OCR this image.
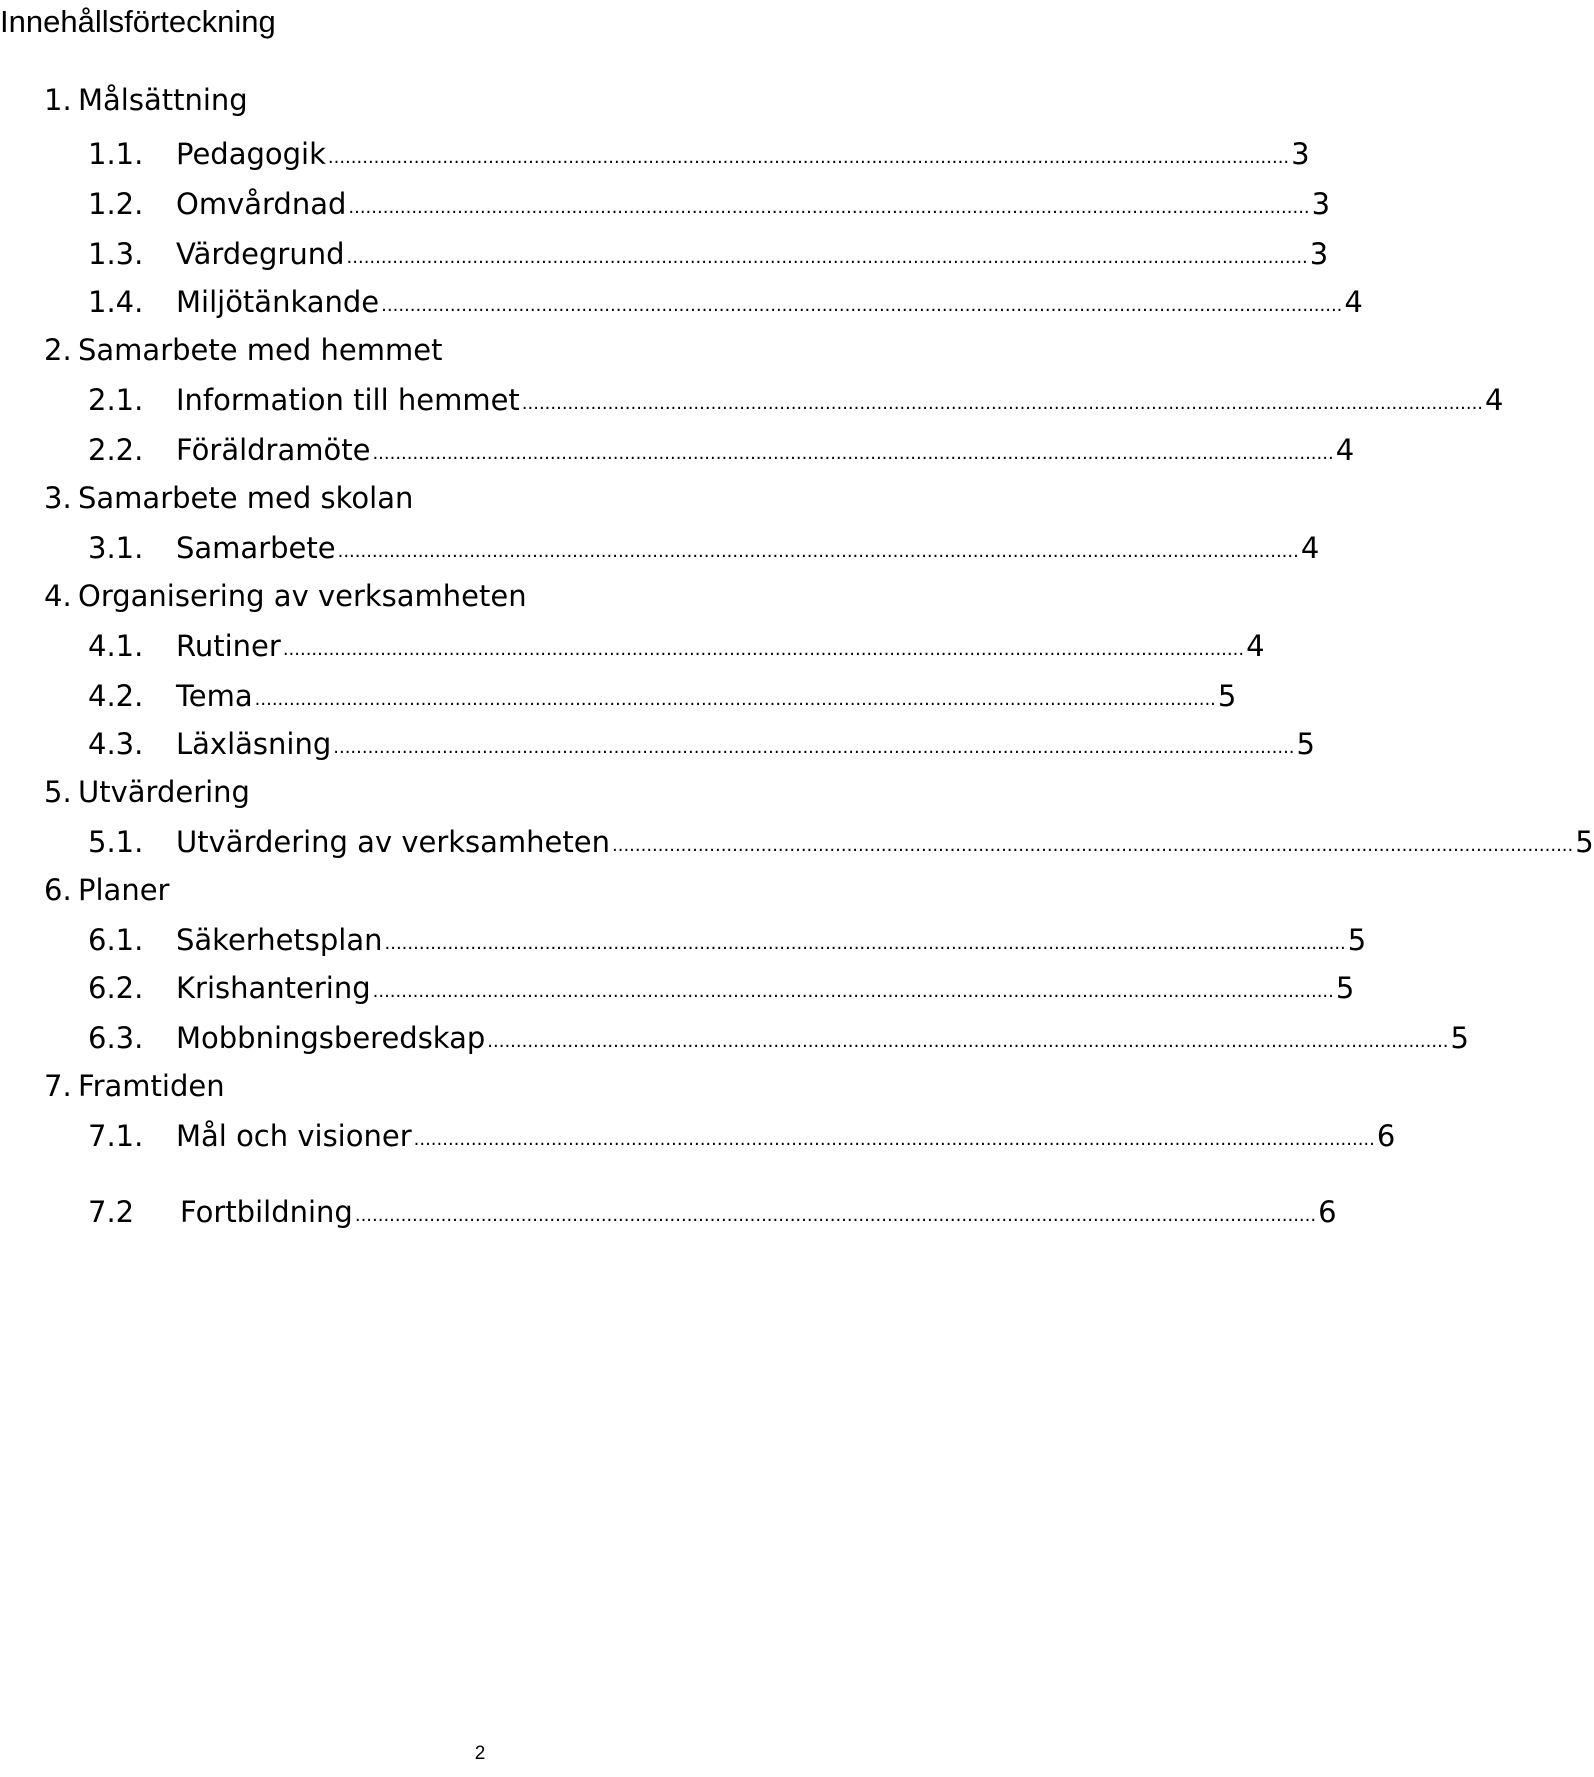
Innehållsförteckning
1. Målsättning
1.1. Pedagogik ........................................................................................................................................................................ 3
1.2. Omvårdnad ........................................................................................................................................................................ 3
1.3. Värdegrund ........................................................................................................................................................................ 3
1.4. Miljötänkande ........................................................................................................................................................................ 4
2. Samarbete med hemmet
2.1. Information till hemmet ........................................................................................................................................................................ 4
2.2. Föräldramöte ........................................................................................................................................................................ 4
3. Samarbete med skolan
3.1. Samarbete ........................................................................................................................................................................ 4
4. Organisering av verksamheten
4.1. Rutiner ........................................................................................................................................................................ 4
4.2. Tema ........................................................................................................................................................................ 5
4.3. Läxläsning ........................................................................................................................................................................ 5
5. Utvärdering
5.1. Utvärdering av verksamheten ........................................................................................................................................................................ 5
6. Planer
6.1. Säkerhetsplan ........................................................................................................................................................................ 5
6.2. Krishantering ........................................................................................................................................................................ 5
6.3. Mobbningsberedskap ........................................................................................................................................................................ 5
7. Framtiden
7.1. Mål och visioner ........................................................................................................................................................................ 6
7.2 Fortbildning ........................................................................................................................................................................ 6
2
